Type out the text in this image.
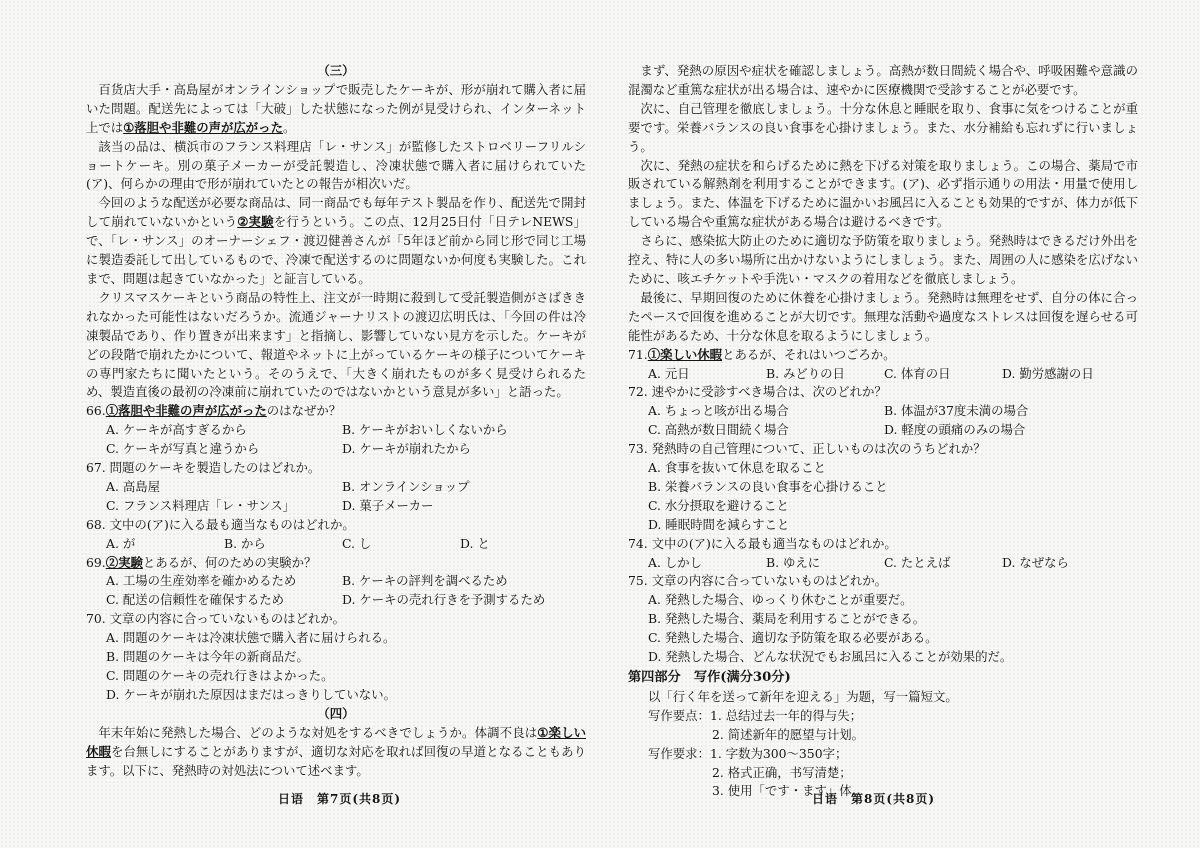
（三）

百货店大手・高島屋がオンラインショップで販売したケーキが、形が崩れて購入者に届いた問題。配送先によっては「大破」した状態になった例が見受けられ、インターネット上では①落胆や非難の声が広がった。

該当の品は、横浜市のフランス料理店「レ・サンス」が監修したストロベリーフリルショートケーキ。別の菓子メーカーが受託製造し、冷凍状態で購入者に届けられていた(ア)、何らかの理由で形が崩れていたとの報告が相次いだ。

今回のような配送が必要な商品は、同一商品でも毎年テスト製品を作り、配送先で開封して崩れていないかという②実験を行うという。この点、12月25日付「日テレNEWS」で、「レ・サンス」のオーナーシェフ・渡辺健善さんが「5年ほど前から同じ形で同じ工場に製造委託して出しているもので、冷凍で配送するのに問題ないか何度も実験した。これまで、問題は起きていなかった」と証言している。

クリスマスケーキという商品の特性上、注文が一時期に殺到して受託製造側がさばききれなかった可能性はないだろうか。流通ジャーナリストの渡辺広明氏は、「今回の件は冷凍製品であり、作り置きが出来ます」と指摘し、影響していない見方を示した。ケーキがどの段階で崩れたかについて、報道やネットに上がっているケーキの様子についてケーキの専門家たちに聞いたという。そのうえで、「大きく崩れたものが多く見受けられるため、製造直後の最初の冷凍前に崩れていたのではないかという意見が多い」と語った。

66.①落胆や非難の声が広がったのはなぜか？
A. ケーキが高すぎるから	B. ケーキがおいしくないから
C. ケーキが写真と違うから	D. ケーキが崩れたから
67. 問題のケーキを製造したのはどれか。
A. 高島屋	B. オンラインショップ
C. フランス料理店「レ・サンス」	D. 菓子メーカー
68. 文中の(ア)に入る最も適当なものはどれか。
A. が	B. から	C. し	D. と
69.②実験とあるが、何のための実験か？
A. 工場の生産効率を確かめるため	B. ケーキの評判を調べるため
C. 配送の信頼性を確保するため	D. ケーキの売れ行きを予測するため
70. 文章の内容に合っていないものはどれか。
A. 問題のケーキは冷凍状態で購入者に届けられる。
B. 問題のケーキは今年の新商品だ。
C. 問題のケーキの売れ行きはよかった。
D. ケーキが崩れた原因はまだはっきりしていない。
（四）

年末年始に発熱した場合、どのような対処をするべきでしょうか。体調不良は①楽しい休暇を台無しにすることがありますが、適切な対応を取れば回復の早道となることもあります。以下に、発熱時の対処法について述べます。

まず、発熱の原因や症状を確認しましょう。高熱が数日間続く場合や、呼吸困難や意識の混濁など重篤な症状が出る場合は、速やかに医療機関で受診することが必要です。

次に、自己管理を徹底しましょう。十分な休息と睡眠を取り、食事に気をつけることが重要です。栄養バランスの良い食事を心掛けましょう。また、水分補給も忘れずに行いましょう。

次に、発熱の症状を和らげるために熱を下げる対策を取りましょう。この場合、薬局で市販されている解熱剤を利用することができます。(ア)、必ず指示通りの用法・用量で使用しましょう。また、体温を下げるために温かいお風呂に入ることも効果的ですが、体力が低下している場合や重篤な症状がある場合は避けるべきです。

さらに、感染拡大防止のために適切な予防策を取りましょう。発熱時はできるだけ外出を控え、特に人の多い場所に出かけないようにしましょう。また、周囲の人に感染を広げないために、咳エチケットや手洗い・マスクの着用などを徹底しましょう。

最後に、早期回復のために休養を心掛けましょう。発熱時は無理をせず、自分の体に合ったペースで回復を進めることが大切です。無理な活動や過度なストレスは回復を遅らせる可能性があるため、十分な休息を取るようにしましょう。

71.①楽しい休暇とあるが、それはいつごろか。
A. 元日	B. みどりの日	C. 体育の日	D. 勤労感謝の日
72. 速やかに受診すべき場合は、次のどれか？
A. ちょっと咳が出る場合	B. 体温が37度未満の場合
C. 高熱が数日間続く場合	D. 軽度の頭痛のみの場合
73. 発熱時の自己管理について、正しいものは次のうちどれか？
A. 食事を抜いて休息を取ること
B. 栄養バランスの良い食事を心掛けること
C. 水分摂取を避けること
D. 睡眠時間を減らすこと
74. 文中の(ア)に入る最も適当なものはどれか。
A. しかし	B. ゆえに	C. たとえば	D. なぜなら
75. 文章の内容に合っていないものはどれか。
A. 発熱した場合、ゆっくり休むことが重要だ。
B. 発熱した場合、薬局を利用することができる。
C. 発熱した場合、適切な予防策を取る必要がある。
D. 発熱した場合、どんな状況でもお風呂に入ることが効果的だ。
第四部分　写作(满分30分)
以「行く年を送って新年を迎える」为题，写一篇短文。
写作要点：1. 总结过去一年的得与失；
2. 简述新年的愿望与计划。
写作要求：1. 字数为300～350字；
2. 格式正确，书写清楚；
3. 使用「です・ます」体。
日语　第7页(共8页)	日语　第8页(共8页)
